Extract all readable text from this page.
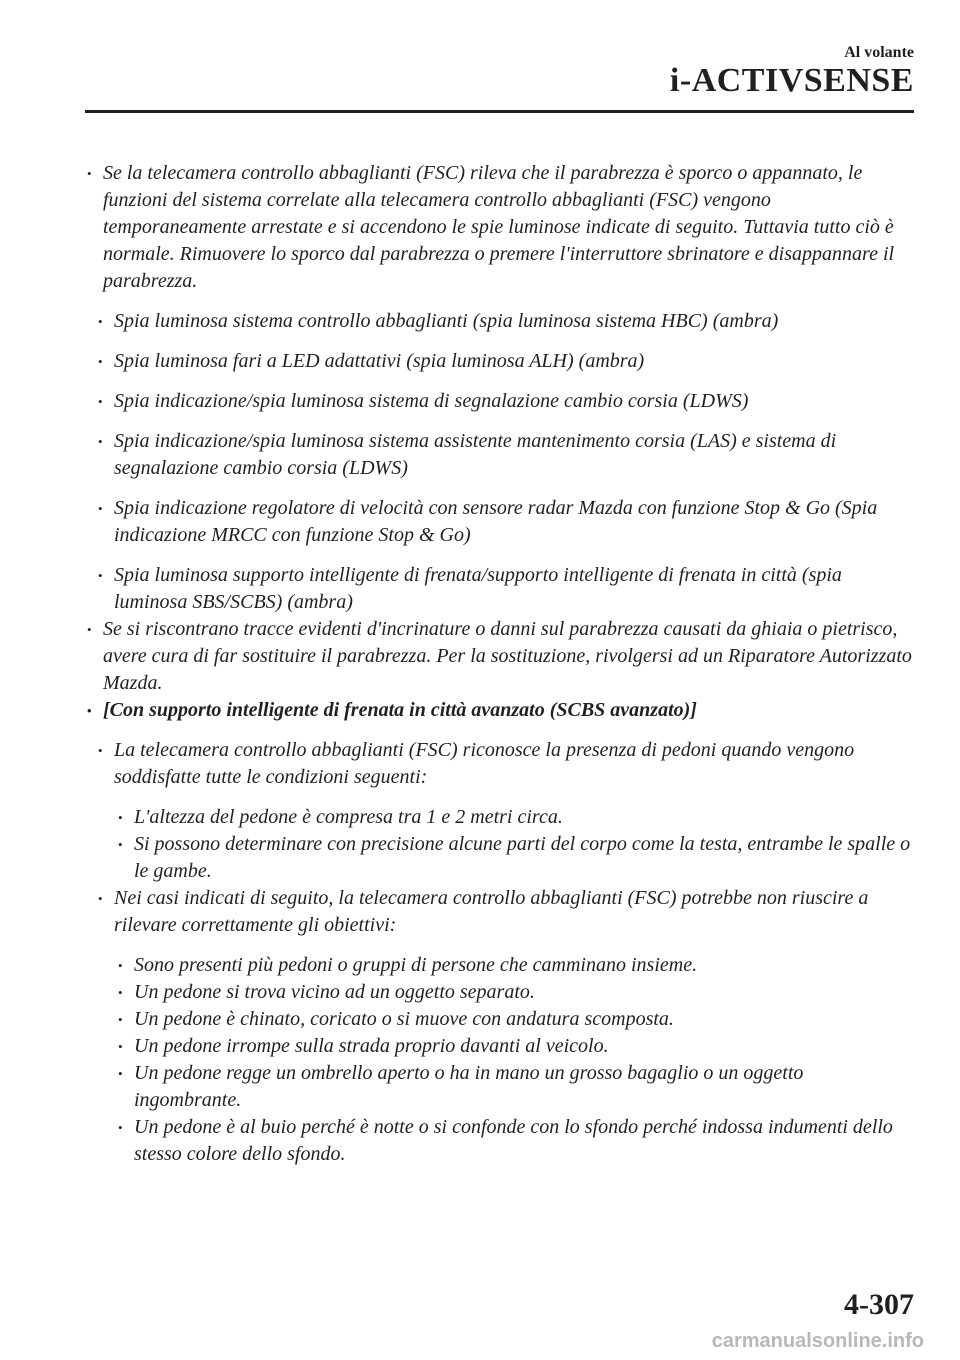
Al volante
i-ACTIVSENSE
• Se la telecamera controllo abbaglianti (FSC) rileva che il parabrezza è sporco o appannato, le funzioni del sistema correlate alla telecamera controllo abbaglianti (FSC) vengono temporaneamente arrestate e si accendono le spie luminose indicate di seguito. Tuttavia tutto ciò è normale. Rimuovere lo sporco dal parabrezza o premere l'interruttore sbrinatore e disappannare il parabrezza.
• Spia luminosa sistema controllo abbaglianti (spia luminosa sistema HBC) (ambra)
• Spia luminosa fari a LED adattativi (spia luminosa ALH) (ambra)
• Spia indicazione/spia luminosa sistema di segnalazione cambio corsia (LDWS)
• Spia indicazione/spia luminosa sistema assistente mantenimento corsia (LAS) e sistema di segnalazione cambio corsia (LDWS)
• Spia indicazione regolatore di velocità con sensore radar Mazda con funzione Stop & Go (Spia indicazione MRCC con funzione Stop & Go)
• Spia luminosa supporto intelligente di frenata/supporto intelligente di frenata in città (spia luminosa SBS/SCBS) (ambra)
• Se si riscontrano tracce evidenti d'incrinature o danni sul parabrezza causati da ghiaia o pietrisco, avere cura di far sostituire il parabrezza. Per la sostituzione, rivolgersi ad un Riparatore Autorizzato Mazda.
• [Con supporto intelligente di frenata in città avanzato (SCBS avanzato)]
• La telecamera controllo abbaglianti (FSC) riconosce la presenza di pedoni quando vengono soddisfatte tutte le condizioni seguenti:
• L'altezza del pedone è compresa tra 1 e 2 metri circa.
• Si possono determinare con precisione alcune parti del corpo come la testa, entrambe le spalle o le gambe.
• Nei casi indicati di seguito, la telecamera controllo abbaglianti (FSC) potrebbe non riuscire a rilevare correttamente gli obiettivi:
• Sono presenti più pedoni o gruppi di persone che camminano insieme.
• Un pedone si trova vicino ad un oggetto separato.
• Un pedone è chinato, coricato o si muove con andatura scomposta.
• Un pedone irrompe sulla strada proprio davanti al veicolo.
• Un pedone regge un ombrello aperto o ha in mano un grosso bagaglio o un oggetto ingombrante.
• Un pedone è al buio perché è notte o si confonde con lo sfondo perché indossa indumenti dello stesso colore dello sfondo.
4-307
carmanualsonline.info
